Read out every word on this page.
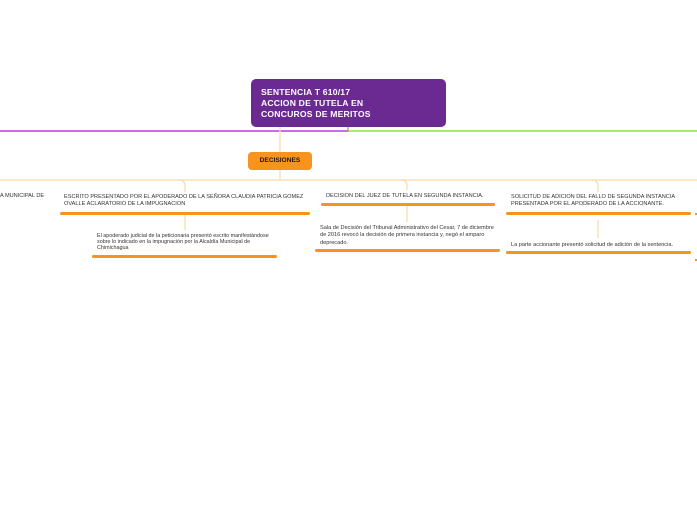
SENTENCIA T 610/17
ACCION DE TUTELA EN
CONCUROS DE MERITOS
DECISIONES
A MUNICIPAL DE	ESCRITO PRESENTADO POR EL APODERADO DE LA SEÑORA CLAUDIA PATRICIA GOMEZ OVALLE ACLARATORIO DE LA IMPUGNACION
El apoderado judicial de la peticionaria presentó escrito manifestándose sobre lo indicado en la impugnación por la Alcaldía Municipal de Chimichagua
DECISION DEL JUEZ DE TUTELA EN SEGUNDA INSTANCIA.
Sala de Decisión del Tribunal Administrativo del Cesar, 7 de diciembre de 2016 revocó la decisión de primera instancia y, negó el amparo deprecado.
SOLICITUD DE ADICION DEL FALLO DE SEGUNDA INSTANCIA PRESENTADA POR EL APODERADO DE LA ACCIONANTE.
La parte accionante presentó solicitud de adición de la sentencia.
